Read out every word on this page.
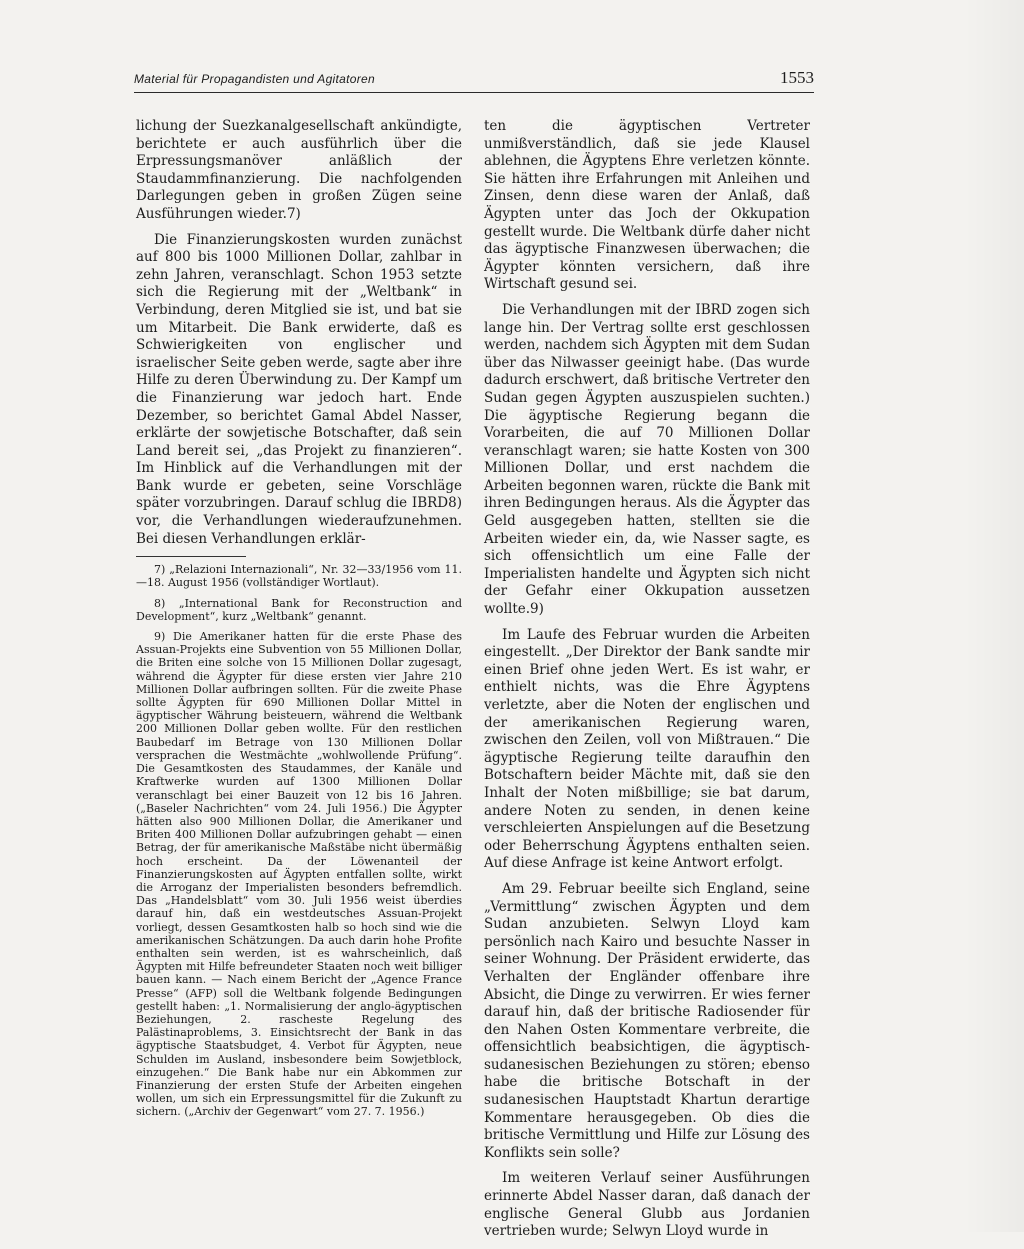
Material für Propagandisten und Agitatoren	1553

lichung der Suezkanalgesellschaft ankündigte, berichtete er auch ausführlich über die Erpressungsmanöver anläßlich der Staudammfinanzierung. Die nachfolgenden Darlegungen geben in großen Zügen seine Ausführungen wieder.7)

Die Finanzierungskosten wurden zunächst auf 800 bis 1000 Millionen Dollar, zahlbar in zehn Jahren, veranschlagt. Schon 1953 setzte sich die Regierung mit der „Weltbank“ in Verbindung, deren Mitglied sie ist, und bat sie um Mitarbeit. Die Bank erwiderte, daß es Schwierigkeiten von englischer und israelischer Seite geben werde, sagte aber ihre Hilfe zu deren Überwindung zu. Der Kampf um die Finanzierung war jedoch hart. Ende Dezember, so berichtet Gamal Abdel Nasser, erklärte der sowjetische Botschafter, daß sein Land bereit sei, „das Projekt zu finanzieren“. Im Hinblick auf die Verhandlungen mit der Bank wurde er gebeten, seine Vorschläge später vorzubringen. Darauf schlug die IBRD8) vor, die Verhandlungen wiederaufzunehmen. Bei diesen Verhandlungen erklär-

7) „Relazioni Internazionali“, Nr. 32—33/1956 vom 11.—18. August 1956 (vollständiger Wortlaut).

8) „International Bank for Reconstruction and Development“, kurz „Weltbank“ genannt.

9) Die Amerikaner hatten für die erste Phase des Assuan-Projekts eine Subvention von 55 Millionen Dollar, die Briten eine solche von 15 Millionen Dollar zugesagt, während die Ägypter für diese ersten vier Jahre 210 Millionen Dollar aufbringen sollten. Für die zweite Phase sollte Ägypten für 690 Millionen Dollar Mittel in ägyptischer Währung beisteuern, während die Weltbank 200 Millionen Dollar geben wollte. Für den restlichen Baubedarf im Betrage von 130 Millionen Dollar versprachen die Westmächte „wohlwollende Prüfung“. Die Gesamtkosten des Staudammes, der Kanäle und Kraftwerke wurden auf 1300 Millionen Dollar veranschlagt bei einer Bauzeit von 12 bis 16 Jahren. („Baseler Nachrichten“ vom 24. Juli 1956.) Die Ägypter hätten also 900 Millionen Dollar, die Amerikaner und Briten 400 Millionen Dollar aufzubringen gehabt — einen Betrag, der für amerikanische Maßstäbe nicht übermäßig hoch erscheint. Da der Löwenanteil der Finanzierungskosten auf Ägypten entfallen sollte, wirkt die Arroganz der Imperialisten besonders befremdlich. Das „Handelsblatt“ vom 30. Juli 1956 weist überdies darauf hin, daß ein westdeutsches Assuan-Projekt vorliegt, dessen Gesamtkosten halb so hoch sind wie die amerikanischen Schätzungen. Da auch darin hohe Profite enthalten sein werden, ist es wahrscheinlich, daß Ägypten mit Hilfe befreundeter Staaten noch weit billiger bauen kann. — Nach einem Bericht der „Agence France Presse“ (AFP) soll die Weltbank folgende Bedingungen gestellt haben: „1. Normalisierung der anglo-ägyptischen Beziehungen, 2. rascheste Regelung des Palästinaproblems, 3. Einsichtsrecht der Bank in das ägyptische Staatsbudget, 4. Verbot für Ägypten, neue Schulden im Ausland, insbesondere beim Sowjetblock, einzugehen.“ Die Bank habe nur ein Abkommen zur Finanzierung der ersten Stufe der Arbeiten eingehen wollen, um sich ein Erpressungsmittel für die Zukunft zu sichern. („Archiv der Gegenwart“ vom 27. 7. 1956.)

ten die ägyptischen Vertreter unmißverständlich, daß sie jede Klausel ablehnen, die Ägyptens Ehre verletzen könnte. Sie hätten ihre Erfahrungen mit Anleihen und Zinsen, denn diese waren der Anlaß, daß Ägypten unter das Joch der Okkupation gestellt wurde. Die Weltbank dürfe daher nicht das ägyptische Finanzwesen überwachen; die Ägypter könnten versichern, daß ihre Wirtschaft gesund sei.

Die Verhandlungen mit der IBRD zogen sich lange hin. Der Vertrag sollte erst geschlossen werden, nachdem sich Ägypten mit dem Sudan über das Nilwasser geeinigt habe. (Das wurde dadurch erschwert, daß britische Vertreter den Sudan gegen Ägypten auszuspielen suchten.) Die ägyptische Regierung begann die Vorarbeiten, die auf 70 Millionen Dollar veranschlagt waren; sie hatte Kosten von 300 Millionen Dollar, und erst nachdem die Arbeiten begonnen waren, rückte die Bank mit ihren Bedingungen heraus. Als die Ägypter das Geld ausgegeben hatten, stellten sie die Arbeiten wieder ein, da, wie Nasser sagte, es sich offensichtlich um eine Falle der Imperialisten handelte und Ägypten sich nicht der Gefahr einer Okkupation aussetzen wollte.9)

Im Laufe des Februar wurden die Arbeiten eingestellt. „Der Direktor der Bank sandte mir einen Brief ohne jeden Wert. Es ist wahr, er enthielt nichts, was die Ehre Ägyptens verletzte, aber die Noten der englischen und der amerikanischen Regierung waren, zwischen den Zeilen, voll von Mißtrauen.“ Die ägyptische Regierung teilte daraufhin den Botschaftern beider Mächte mit, daß sie den Inhalt der Noten mißbillige; sie bat darum, andere Noten zu senden, in denen keine verschleierten Anspielungen auf die Besetzung oder Beherrschung Ägyptens enthalten seien. Auf diese Anfrage ist keine Antwort erfolgt.

Am 29. Februar beeilte sich England, seine „Vermittlung“ zwischen Ägypten und dem Sudan anzubieten. Selwyn Lloyd kam persönlich nach Kairo und besuchte Nasser in seiner Wohnung. Der Präsident erwiderte, das Verhalten der Engländer offenbare ihre Absicht, die Dinge zu verwirren. Er wies ferner darauf hin, daß der britische Radiosender für den Nahen Osten Kommentare verbreite, die offensichtlich beabsichtigen, die ägyptisch-sudanesischen Beziehungen zu stören; ebenso habe die britische Botschaft in der sudanesischen Hauptstadt Khartun derartige Kommentare herausgegeben. Ob dies die britische Vermittlung und Hilfe zur Lösung des Konflikts sein solle?

Im weiteren Verlauf seiner Ausführungen erinnerte Abdel Nasser daran, daß danach der englische General Glubb aus Jordanien vertrieben wurde; Selwyn Lloyd wurde in
